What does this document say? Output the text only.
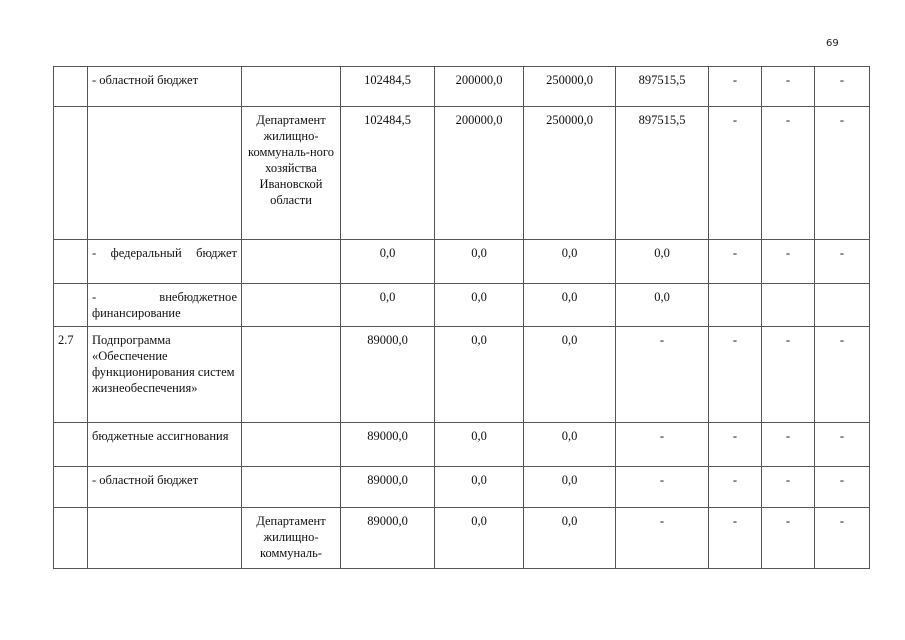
69
	- областной бюджет		102484,5	200000,0	250000,0	897515,5	-	-	-
		Департамент жилищно-коммуналь-ного хозяйства Ивановской области	102484,5	200000,0	250000,0	897515,5	-	-	-
	- федеральный бюджет		0,0	0,0	0,0	0,0	-	-	-
	- внебюджетное финансирование		0,0	0,0	0,0	0,0			
2.7	Подпрограмма «Обеспечение функционирования систем жизнеобеспечения»		89000,0	0,0	0,0	-	-	-	-
	бюджетные ассигнования		89000,0	0,0	0,0	-	-	-	-
	- областной бюджет		89000,0	0,0	0,0	-	-	-	-
		Департамент жилищно-коммуналь-	89000,0	0,0	0,0	-	-	-	-
